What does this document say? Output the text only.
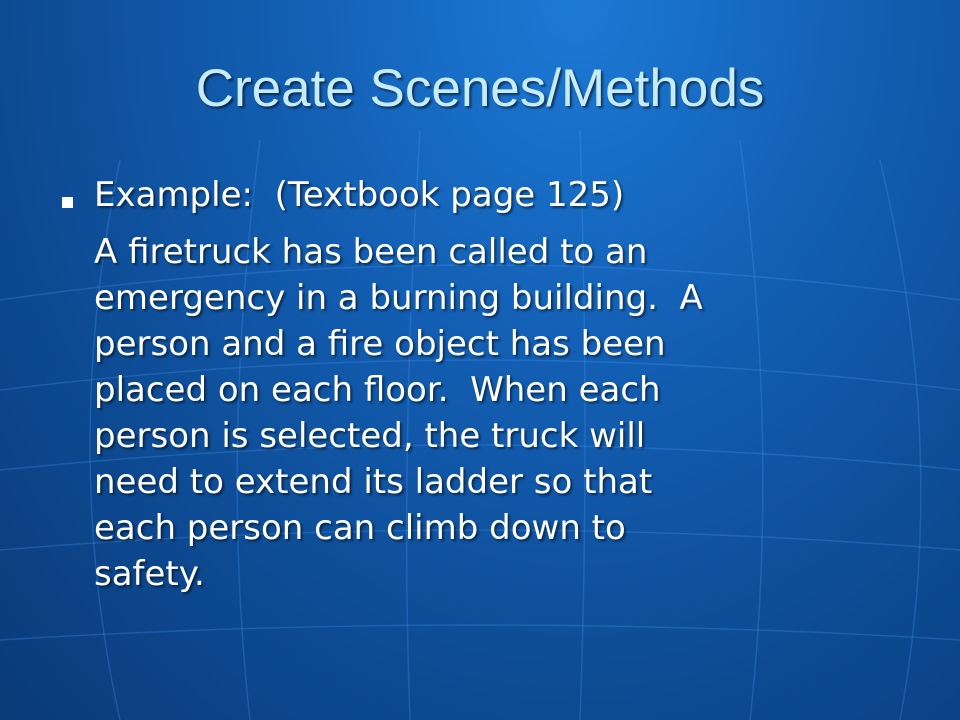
Create Scenes/Methods
Example:  (Textbook page 125)
A firetruck has been called to an
emergency in a burning building.  A
person and a fire object has been
placed on each floor.  When each
person is selected, the truck will
need to extend its ladder so that
each person can climb down to
safety.
